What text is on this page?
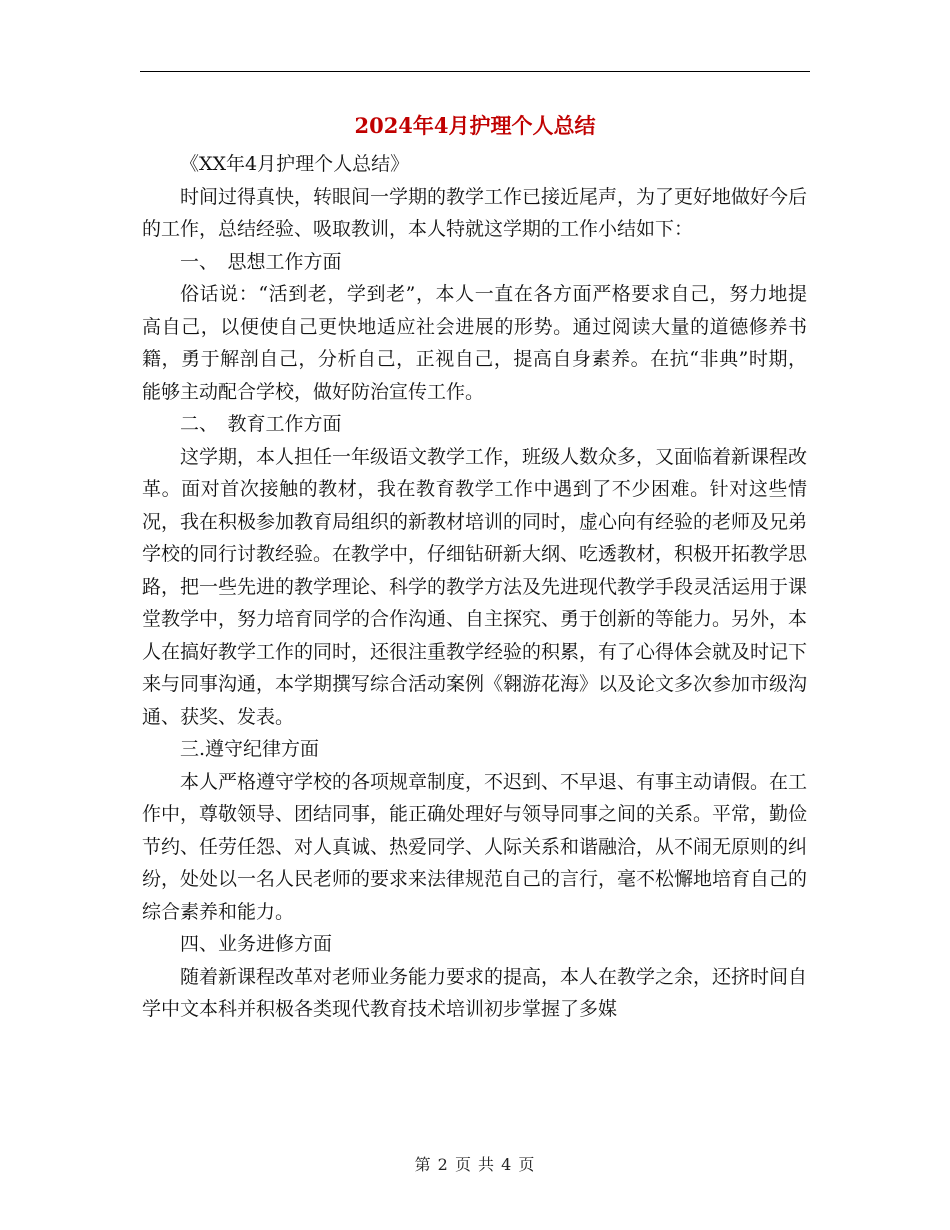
2024年4月护理个人总结

《XX年4月护理个人总结》

时间过得真快，转眼间一学期的教学工作已接近尾声，为了更好地做好今后的工作，总结经验、吸取教训，本人特就这学期的工作小结如下：

一、　思想工作方面

俗话说：“活到老，学到老”，本人一直在各方面严格要求自己，努力地提高自己，以便使自己更快地适应社会进展的形势。通过阅读大量的道德修养书籍，勇于解剖自己，分析自己，正视自己，提高自身素养。在抗“非典”时期，能够主动配合学校，做好防治宣传工作。

二、　教育工作方面

这学期，本人担任一年级语文教学工作，班级人数众多，又面临着新课程改革。面对首次接触的教材，我在教育教学工作中遇到了不少困难。针对这些情况，我在积极参加教育局组织的新教材培训的同时，虚心向有经验的老师及兄弟学校的同行讨教经验。在教学中，仔细钻研新大纲、吃透教材，积极开拓教学思路，把一些先进的教学理论、科学的教学方法及先进现代教学手段灵活运用于课堂教学中，努力培育同学的合作沟通、自主探究、勇于创新的等能力。另外，本人在搞好教学工作的同时，还很注重教学经验的积累，有了心得体会就及时记下来与同事沟通，本学期撰写综合活动案例《翱游花海》以及论文多次参加市级沟通、获奖、发表。

三.遵守纪律方面

本人严格遵守学校的各项规章制度，不迟到、不早退、有事主动请假。在工作中，尊敬领导、团结同事，能正确处理好与领导同事之间的关系。平常，勤俭节约、任劳任怨、对人真诚、热爱同学、人际关系和谐融洽，从不闹无原则的纠纷，处处以一名人民老师的要求来法律规范自己的言行，毫不松懈地培育自己的综合素养和能力。

四、业务进修方面

随着新课程改革对老师业务能力要求的提高，本人在教学之余，还挤时间自学中文本科并积极各类现代教育技术培训初步掌握了多媒

第 2 页 共 4 页
